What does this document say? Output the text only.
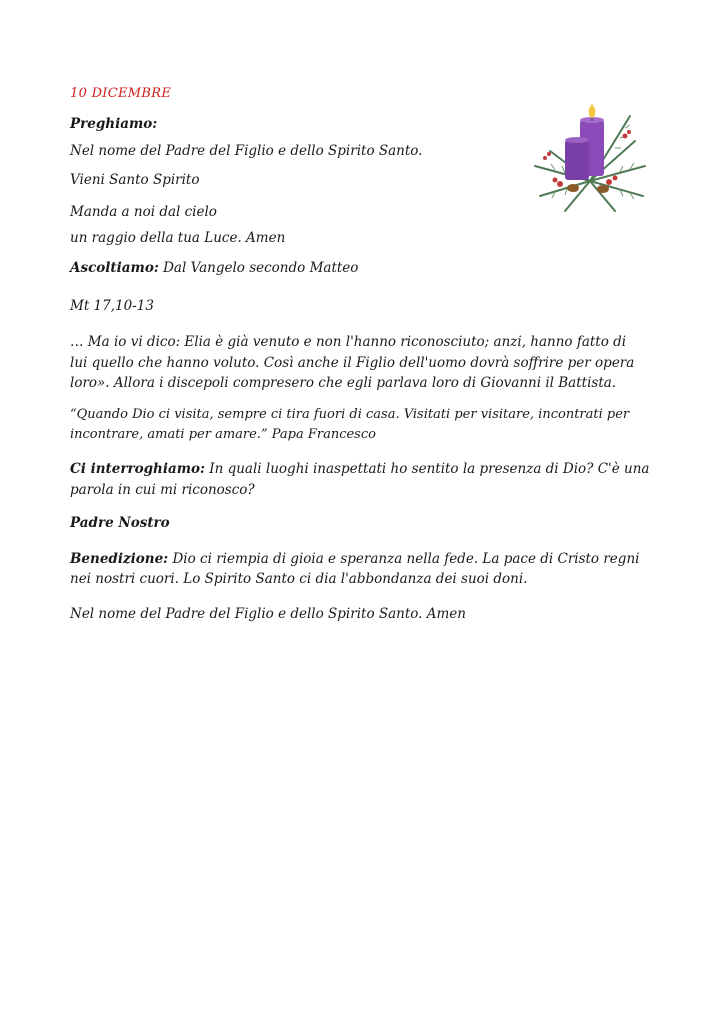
10 DICEMBRE
Preghiamo:
Nel nome del Padre del Figlio e dello Spirito Santo.
Vieni Santo Spirito
Manda a noi dal cielo
un raggio della tua Luce. Amen
Ascoltiamo: Dal Vangelo secondo Matteo
Mt 17,10-13
… Ma io vi dico: Elia è già venuto e non l'hanno riconosciuto; anzi, hanno fatto di
lui quello che hanno voluto. Così anche il Figlio dell'uomo dovrà soffrire per opera
loro». Allora i discepoli compresero che egli parlava loro di Giovanni il Battista.
“Quando Dio ci visita, sempre ci tira fuori di casa. Visitati per visitare, incontrati per
incontrare, amati per amare.” Papa Francesco
Ci interroghiamo: In quali luoghi inaspettati ho sentito la presenza di Dio? C'è una
parola in cui mi riconosco?
Padre Nostro
Benedizione: Dio ci riempia di gioia e speranza nella fede. La pace di Cristo regni
nei nostri cuori. Lo Spirito Santo ci dia l'abbondanza dei suoi doni.
Nel nome del Padre del Figlio e dello Spirito Santo. Amen
